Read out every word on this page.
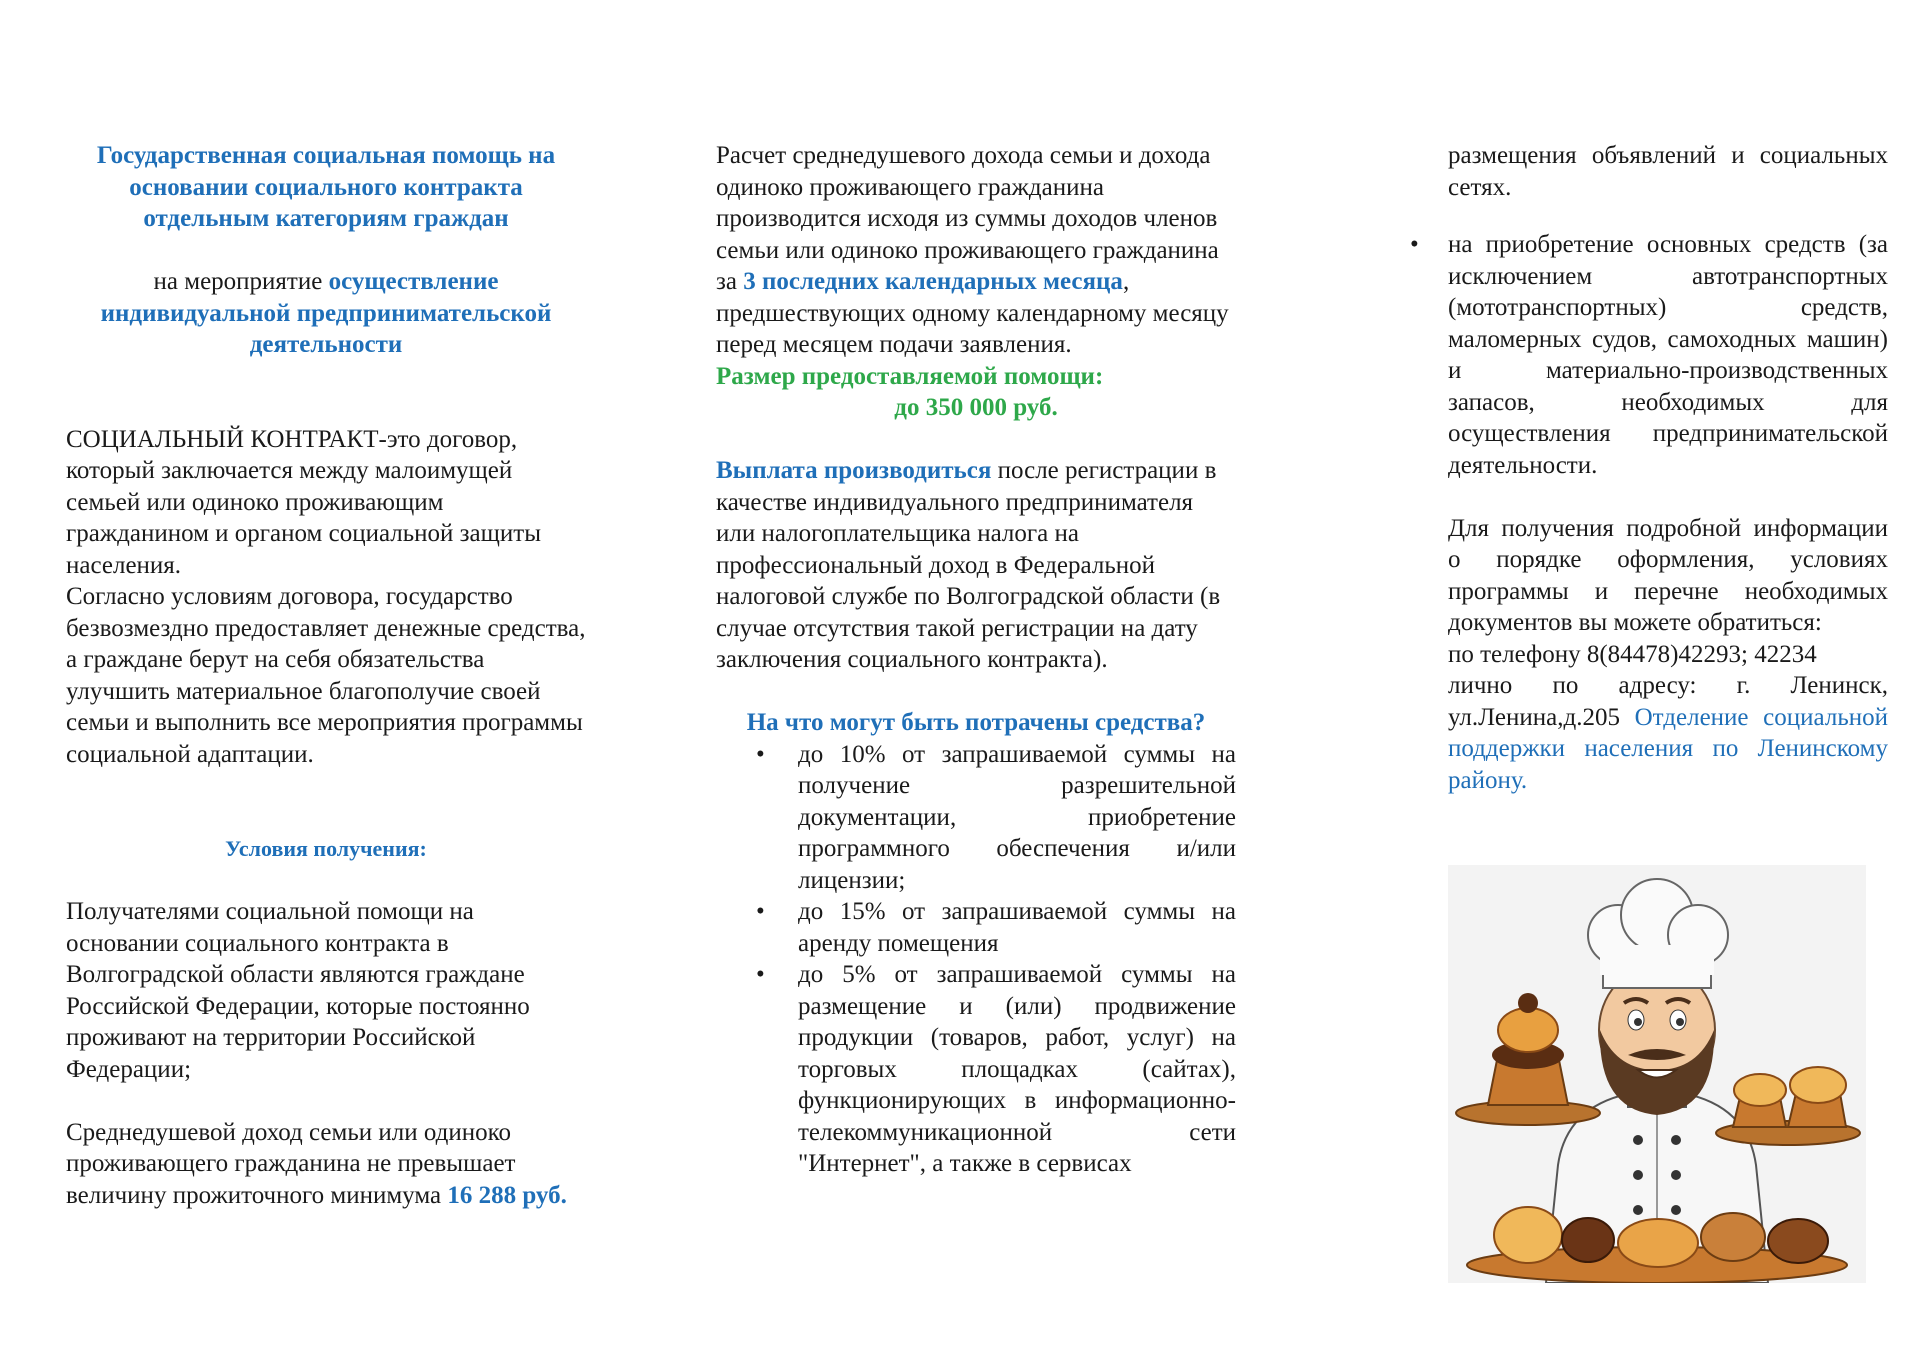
Государственная социальная помощь на основании социального контракта отдельным категориям граждан

на мероприятие осуществление индивидуальной предпринимательской деятельности

СОЦИАЛЬНЫЙ КОНТРАКТ-это договор, который заключается между малоимущей семьей или одиноко проживающим гражданином и органом социальной защиты населения.

Согласно условиям договора, государство безвозмездно предоставляет денежные средства, а граждане берут на себя обязательства улучшить материальное благополучие своей семьи и выполнить все мероприятия программы социальной адаптации.

Условия получения:

Получателями социальной помощи на основании социального контракта в Волгоградской области являются граждане Российской Федерации, которые постоянно проживают на территории Российской Федерации;

Среднедушевой доход семьи или одиноко проживающего гражданина не превышает величину прожиточного минимума 16 288 руб.

Расчет среднедушевого дохода семьи и дохода одиноко проживающего гражданина производится исходя из суммы доходов членов семьи или одиноко проживающего гражданина за 3 последних календарных месяца, предшествующих одному календарному месяцу перед месяцем подачи заявления.

Размер предоставляемой помощи:

до 350 000 руб.

Выплата производиться после регистрации в качестве индивидуального предпринимателя или налогоплательщика налога на профессиональный доход в Федеральной налоговой службе по Волгоградской области (в случае отсутствия такой регистрации на дату заключения социального контракта).

На что могут быть потрачены средства?

• до 10% от запрашиваемой суммы на получение разрешительной документации, приобретение программного обеспечения и/или лицензии;
• до 15% от запрашиваемой суммы на аренду помещения
• до 5% от запрашиваемой суммы на размещение и (или) продвижение продукции (товаров, работ, услуг) на торговых площадках (сайтах), функционирующих в информационно-телекоммуникационной сети "Интернет", а также в сервисах

размещения объявлений и социальных сетях.

• на приобретение основных средств (за исключением автотранспортных (мототранспортных) средств, маломерных судов, самоходных машин) и материально-производственных запасов, необходимых для осуществления предпринимательской деятельности.

Для получения подробной информации о порядке оформления, условиях программы и перечне необходимых документов вы можете обратиться:

по телефону 8(84478)42293; 42234

лично по адресу: г. Ленинск, ул.Ленина,д.205 Отделение социальной поддержки населения по Ленинскому району.
